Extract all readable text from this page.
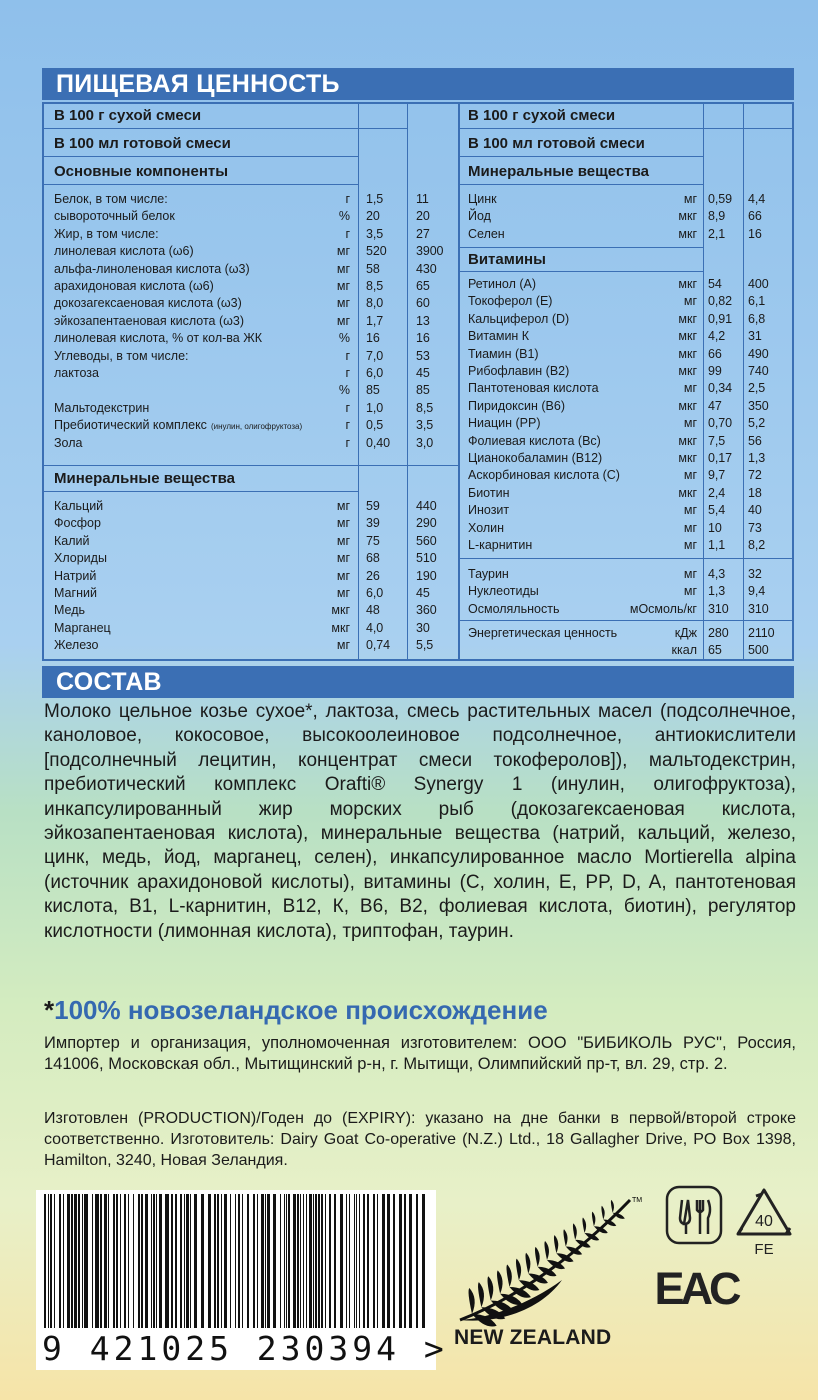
ПИЩЕВАЯ ЦЕННОСТЬ
В 100 г сухой смеси
В 100 мл готовой смеси
Основные компоненты
Минеральные вещества
Белок, в том числе:	г 1,5	11
сывороточный белок	% 20	20
Жир, в том числе:	г 3,5	27
линолевая кислота (ω6)	мг 520 3900
альфа-линоленовая кислота (ω3)	мг 58	430
арахидоновая кислота (ω6)	мг 8,5	65
докозагексаеновая кислота (ω3)	мг 8,0	60
эйкозапентаеновая кислота (ω3)	мг 1,7	13
линолевая кислота, % от кол-ва ЖК	% 16	16
Углеводы, в том числе:	г 7,0	53
лактоза	г 6,0	45
% 85	85
Мальтодекстрин	г 1,0	8,5
Пребиотический комплекс (инулин, олигофруктоза)	г 0,5	3,5
Зола	г 0,40 3,0
Кальций	мг 59	440
Фосфор	мг 39	290
Калий	мг 75	560
Хлориды	мг 68	510
Натрий	мг 26	190
Магний	мг 6,0	45
Медь	мкг 48	360
Марганец	мкг 4,0	30
Железо	мг 0,74 5,5
В 100 г сухой смеси
В 100 мл готовой смеси
Минеральные вещества
Витамины
Цинк	мг 0,59 4,4
Йод	мкг 8,9 66
Селен	мкг 2,1 16
Ретинол (А)	мкг 54 400
Токоферол (Е)	мг 0,82 6,1
Кальциферол (D)	мкг 0,91 6,8
Витамин К	мкг 4,2 31
Тиамин (B1)	мкг 66 490
Рибофлавин (B2)	мкг 99 740
Пантотеновая кислота	мг 0,34 2,5
Пиридоксин (B6)	мкг 47 350
Ниацин (PP)	мг 0,70 5,2
Фолиевая кислота (Bc)	мкг 7,5 56
Цианокобаламин (B12)	мкг 0,17 1,3
Аскорбиновая кислота (С)	мг 9,7 72
Биотин	мкг 2,4 18
Инозит	мг 5,4 40
Холин	мг 10 73
L-карнитин	мг 1,1 8,2
Таурин	мг 4,3 32
Нуклеотиды	мг 1,3 9,4
Осмоляльность	мОсмоль/кг 310 310
Энергетическая ценность	кДж 280 2110
ккал 65 500
СОСТАВ

Молоко цельное козье сухое*, лактоза, смесь растительных масел (подсолнечное, каноловое, кокосовое, высокоолеиновое подсолнечное, антиокислители [подсолнечный лецитин, концентрат смеси токоферолов]), мальтодекстрин, пребиотический комплекс Orafti® Synergy 1 (инулин, олигофруктоза), инкапсулированный жир морских рыб (докозагексаеновая кислота, эйкозапентаеновая кислота), минеральные вещества (натрий, кальций, железо, цинк, медь, йод, марганец, селен), инкапсулированное масло Mortierella alpina (источник арахидоновой кислоты), витамины (С, холин, Е, PP, D, A, пантотеновая кислота, B1, L-карнитин, B12, К, B6, B2, фолиевая кислота, биотин), регулятор кислотности (лимонная кислота), триптофан, таурин.

*100% новозеландское происхождение

Импортер и организация, уполномоченная изготовителем: ООО "БИБИКОЛЬ РУС", Россия, 141006, Московская обл., Мытищинский р-н, г. Мытищи, Олимпийский пр-т, вл. 29, стр. 2.

Изготовлен (PRODUCTION)/Годен до (EXPIRY): указано на дне банки в первой/второй строке соответственно. Изготовитель: Dairy Goat Co-operative (N.Z.) Ltd., 18 Gallagher Drive, PO Box 1398, Hamilton, 3240, Новая Зеландия.

9 421025 230394 >
TM
NEW ZEALAND
40
FE
EAC
